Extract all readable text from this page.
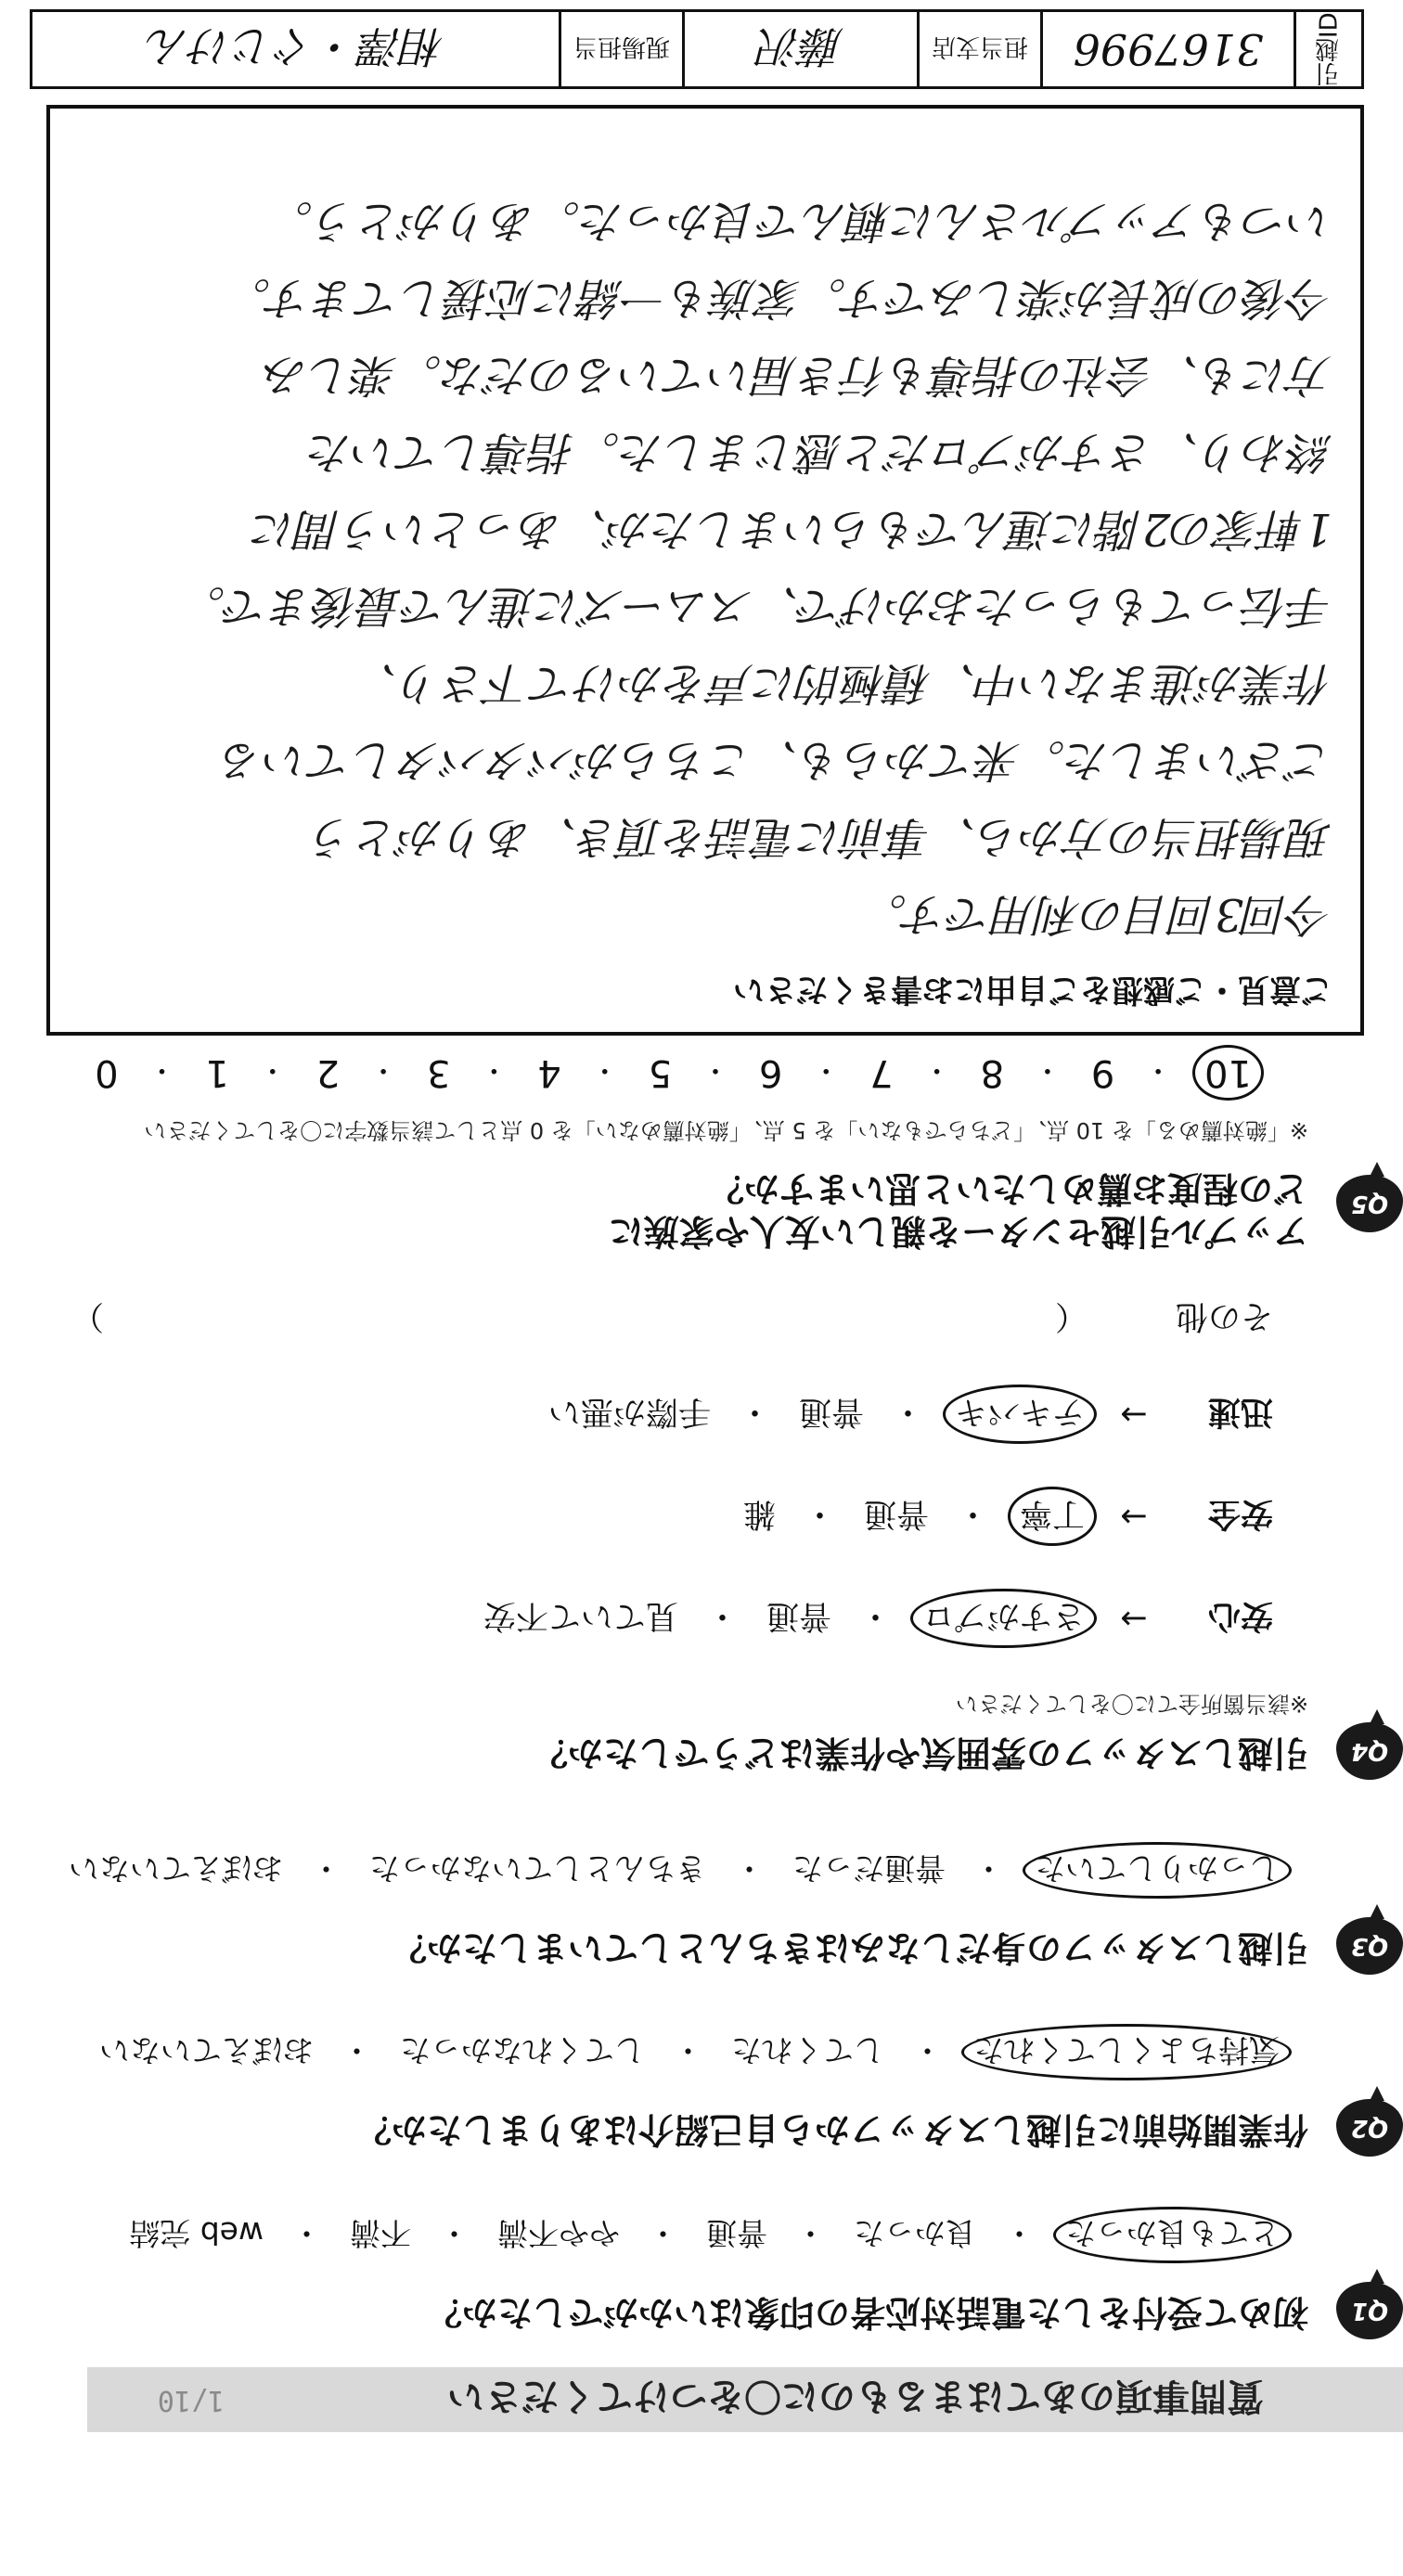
質問事項のあてはまるものに〇をつけてください
1/10
Q1
初めて受付をした電話対応者の印象はいかがでしたか？
とても良かった
・
良かった
・
普通
・
やや不満
・
不満
・
web 完結
Q2
作業開始前に引越しスタッフから自己紹介はありましたか？
気持ちよくしてくれた
・
してくれた
・
してくれなかった
・
おぼえていない
Q3
引越しスタッフの身だしなみはきちんとしていましたか？
しっかりしていた
・
普通だった
・
きちんとしていなかった
・
おぼえていない
Q4
引越しスタッフの雰囲気や作業はどうでしたか？
※該当箇所全てに〇をしてください
安心
→
さすがプロ
・
普通
・
見ていて不安
安全
→
丁寧
・
普通
・
雑
迅速
→
テキパキ
・
普通
・
手際が悪い
その他
（
）
Q5
アップル引越センターを親しい友人や家族に
どの程度お薦めしたいと思いますか？
※「絶対薦める」を 10 点、「どちらでもない」を 5 点、「絶対薦めない」を 0 点として該当数字に〇をしてください
10
・
9
・
8
・
7
・
6
・
5
・
4
・
3
・
2
・
1
・
0
ご意見・ご感想をご自由にお書きください
今回3回目の利用です。
現場担当の方から、事前に電話を頂き、ありがとう
ございました。来てからも、こちらがバタバタしている
作業が進まない中、積極的に声をかけて下さり、
手伝ってもらったおかげで、スムーズに進んで最後まで。
1軒家の2階に運んでもらいましたが、あっという間に
終わり、さすがプロだと感じました。指導していた
方にも、会社の指導も行き届いているのだな。楽しみ
今後の成長が楽しみです。家族も一緒に応援してます。
いつもアップルさんに頼んで良かった。ありがとう。
引越ID
3167996
担当支店
藤沢
現場担当
相澤・ぐじけん
